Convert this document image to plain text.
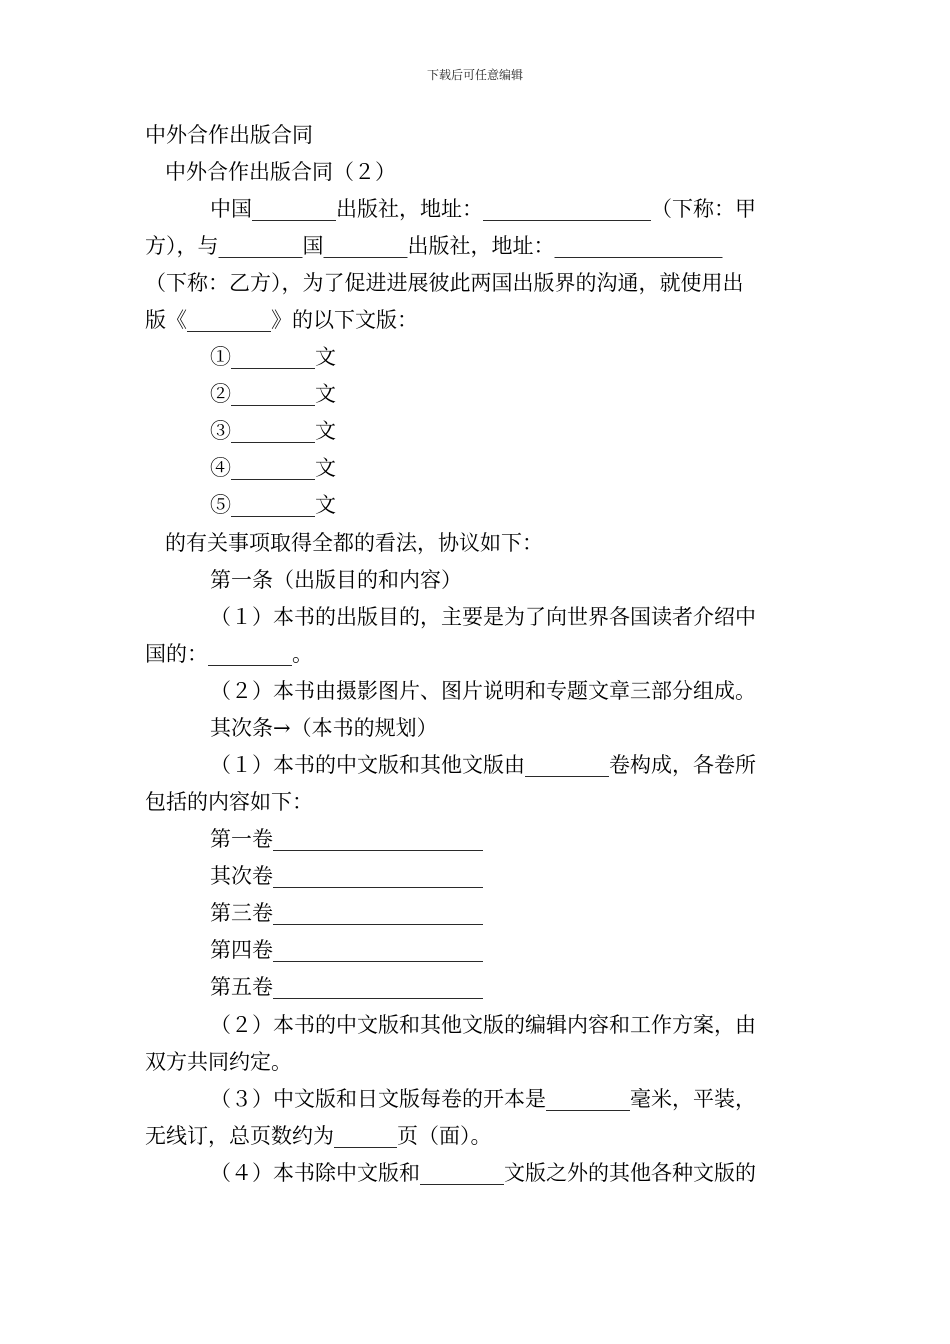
下载后可任意编辑
中外合作出版合同
中外合作出版合同（２）
中国________出版社，地址：________________（下称：甲
方），与________国________出版社，地址：________________
（下称：乙方），为了促进进展彼此两国出版界的沟通，就使用出
版《________》的以下文版：
①________文
②________文
③________文
④________文
⑤________文
的有关事项取得全都的看法，协议如下：
第一条（出版目的和内容）
（１）本书的出版目的，主要是为了向世界各国读者介绍中
国的：________。
（２）本书由摄影图片、图片说明和专题文章三部分组成。
其次条→（本书的规划）
（１）本书的中文版和其他文版由________卷构成，各卷所
包括的内容如下：
第一卷____________________
其次卷____________________
第三卷____________________
第四卷____________________
第五卷____________________
（２）本书的中文版和其他文版的编辑内容和工作方案，由
双方共同约定。
（３）中文版和日文版每卷的开本是________毫米，平装，
无线订，总页数约为______页（面）。
（４）本书除中文版和________文版之外的其他各种文版的
